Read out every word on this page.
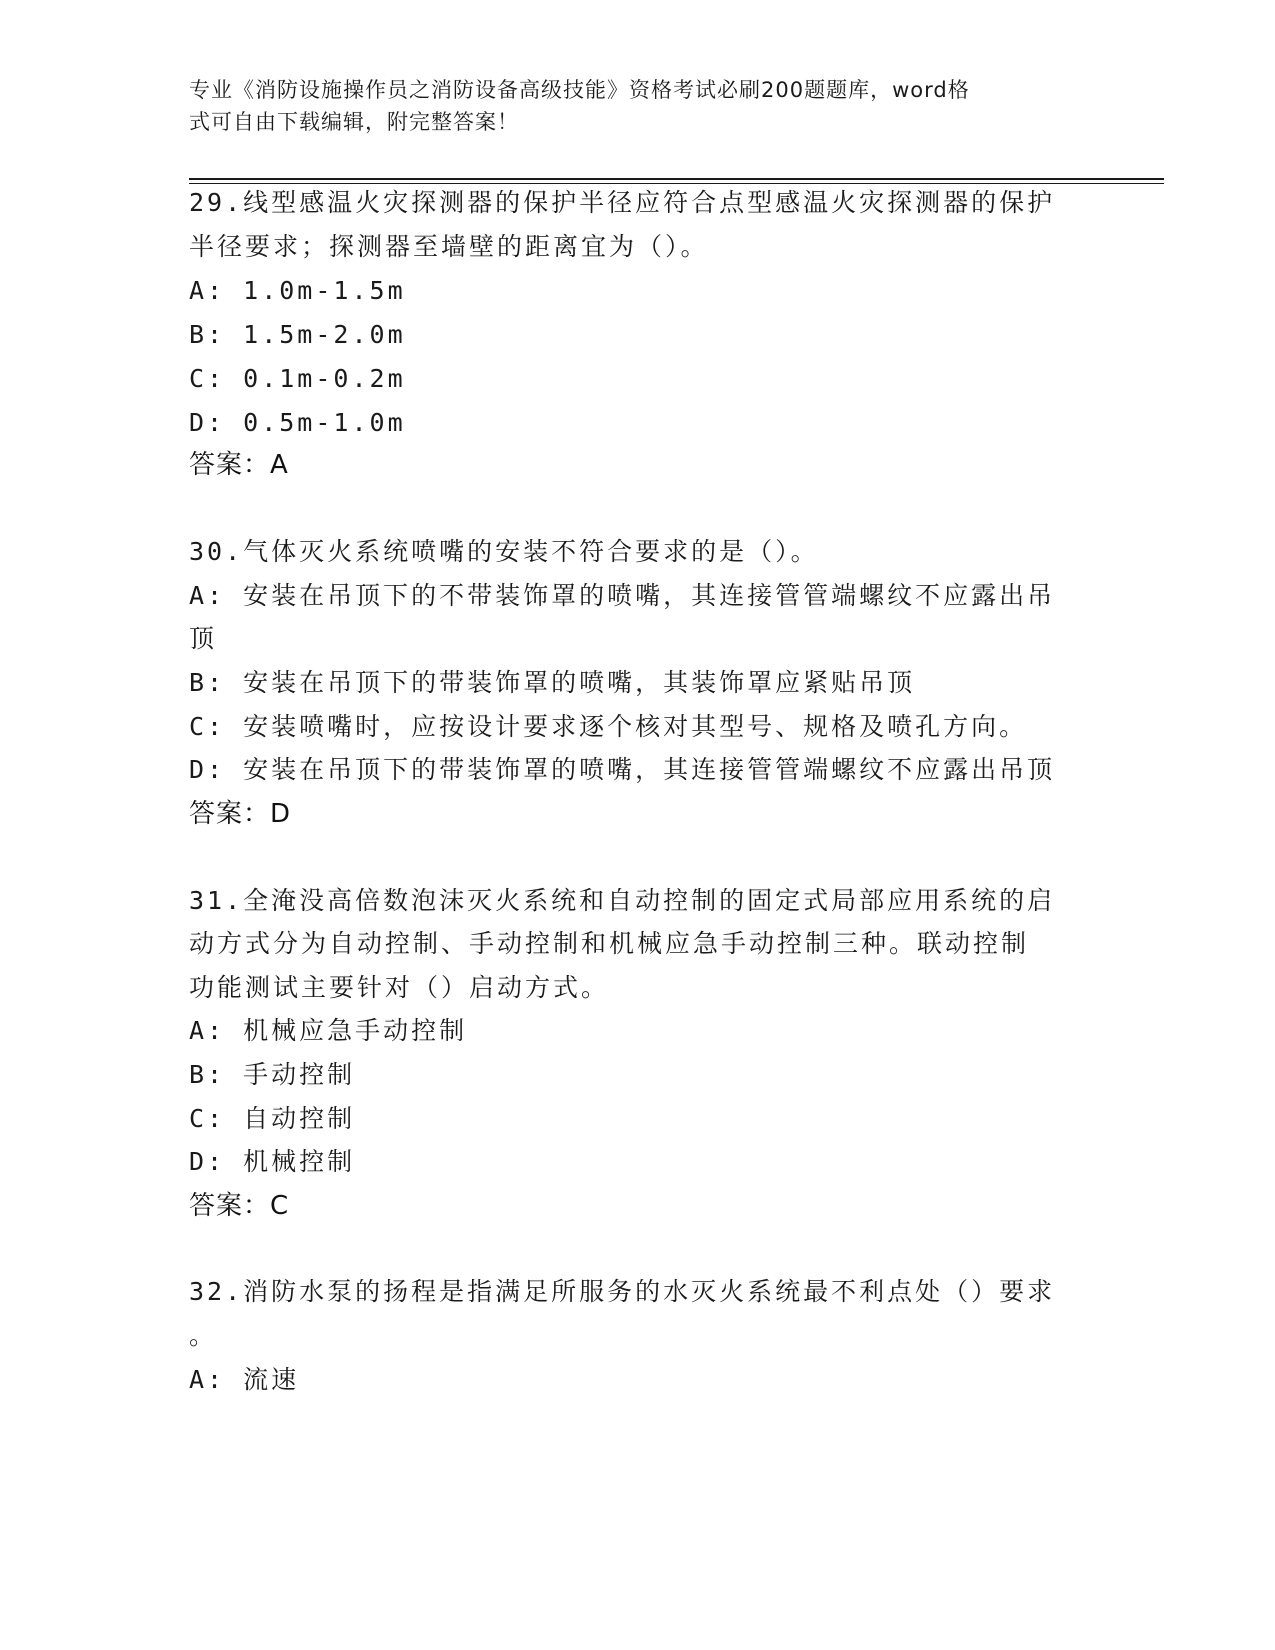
专业《消防设施操作员之消防设备高级技能》资格考试必刷200题题库，word格
式可自由下载编辑，附完整答案！
29.线型感温火灾探测器的保护半径应符合点型感温火灾探测器的保护
半径要求；探测器至墙壁的距离宜为（）。
A: 1.0m-1.5m
B: 1.5m-2.0m
C: 0.1m-0.2m
D: 0.5m-1.0m
答案：A
30.气体灭火系统喷嘴的安装不符合要求的是（）。
A: 安装在吊顶下的不带装饰罩的喷嘴，其连接管管端螺纹不应露出吊
顶
B: 安装在吊顶下的带装饰罩的喷嘴，其装饰罩应紧贴吊顶
C: 安装喷嘴时，应按设计要求逐个核对其型号、规格及喷孔方向。
D: 安装在吊顶下的带装饰罩的喷嘴，其连接管管端螺纹不应露出吊顶
答案：D
31.全淹没高倍数泡沫灭火系统和自动控制的固定式局部应用系统的启
动方式分为自动控制、手动控制和机械应急手动控制三种。联动控制
功能测试主要针对（）启动方式。
A: 机械应急手动控制
B: 手动控制
C: 自动控制
D: 机械控制
答案：C
32.消防水泵的扬程是指满足所服务的水灭火系统最不利点处（）要求
。
A: 流速
